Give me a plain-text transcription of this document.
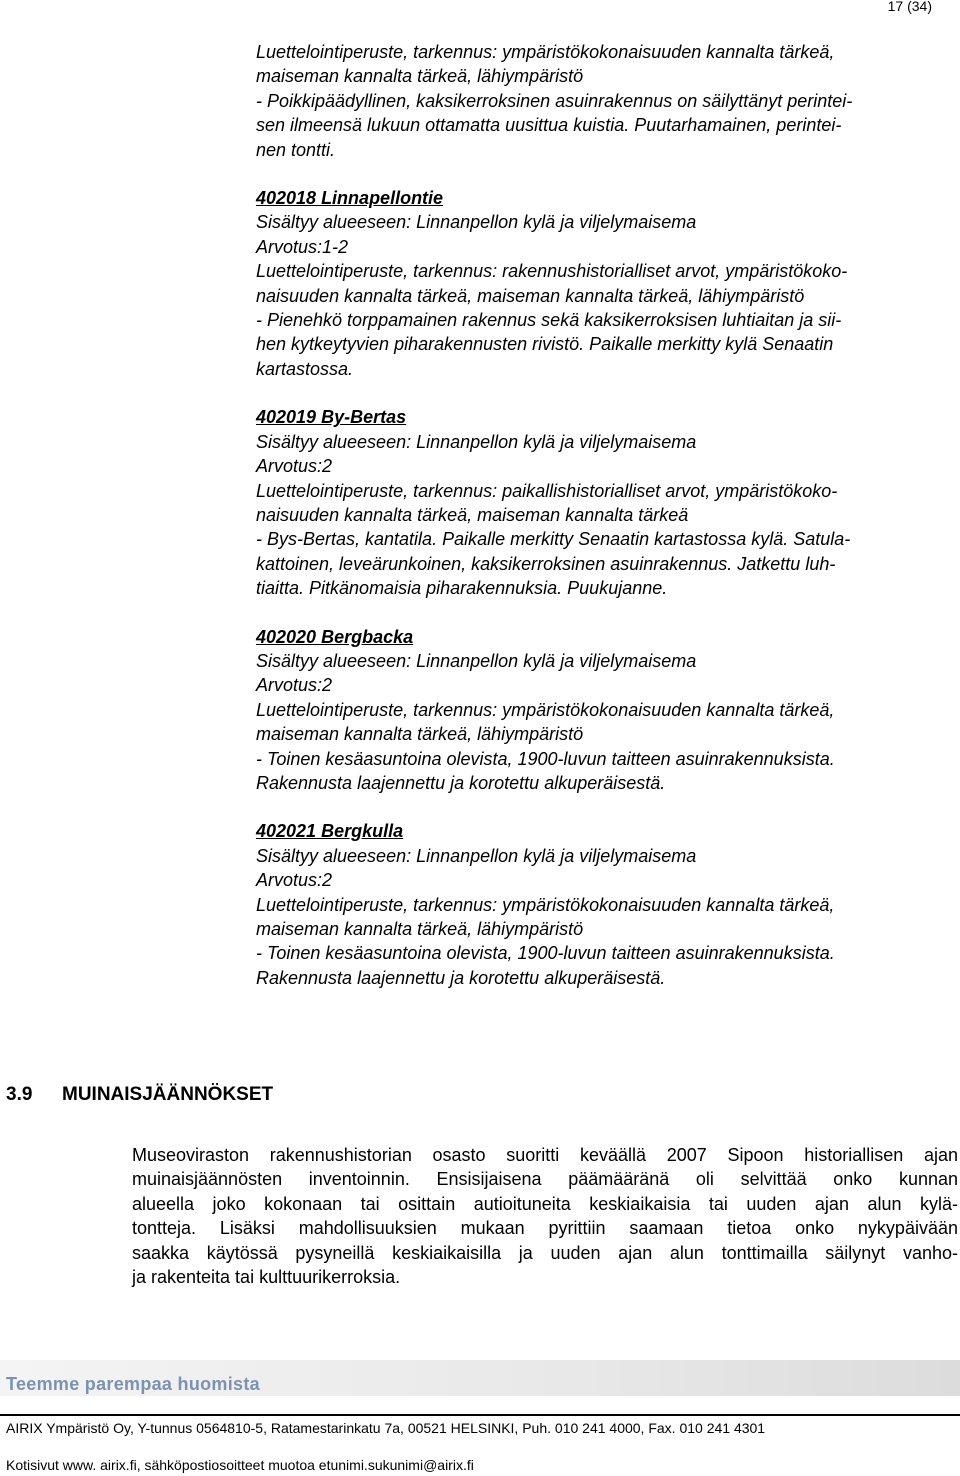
17 (34)
Luettelointiperuste, tarkennus: ympäristökokonaisuuden kannalta tärkeä,
maiseman kannalta tärkeä, lähiympäristö
- Poikkipäädyllinen, kaksikerroksinen asuinrakennus on säilyttänyt perintei-
sen ilmeensä lukuun ottamatta uusittua kuistia. Puutarhamainen, perintei-
nen tontti.
402018 Linnapellontie
Sisältyy alueeseen: Linnanpellon kylä ja viljelymaisema
Arvotus:1-2
Luettelointiperuste, tarkennus: rakennushistorialliset arvot, ympäristökoko-
naisuuden kannalta tärkeä, maiseman kannalta tärkeä, lähiympäristö
- Pienehkö torppamainen rakennus sekä kaksikerroksisen luhtiaitan ja sii-
hen kytkeytyvien piharakennusten rivistö. Paikalle merkitty kylä Senaatin
kartastossa.
402019 By-Bertas
Sisältyy alueeseen: Linnanpellon kylä ja viljelymaisema
Arvotus:2
Luettelointiperuste, tarkennus: paikallishistorialliset arvot, ympäristökoko-
naisuuden kannalta tärkeä, maiseman kannalta tärkeä
- Bys-Bertas, kantatila. Paikalle merkitty Senaatin kartastossa kylä. Satula-
kattoinen, leveärunkoinen, kaksikerroksinen asuinrakennus. Jatkettu luh-
tiaitta. Pitkänomaisia piharakennuksia. Puukujanne.
402020 Bergbacka
Sisältyy alueeseen: Linnanpellon kylä ja viljelymaisema
Arvotus:2
Luettelointiperuste, tarkennus: ympäristökokonaisuuden kannalta tärkeä,
maiseman kannalta tärkeä, lähiympäristö
- Toinen kesäasuntoina olevista, 1900-luvun taitteen asuinrakennuksista.
Rakennusta laajennettu ja korotettu alkuperäisestä.
402021 Bergkulla
Sisältyy alueeseen: Linnanpellon kylä ja viljelymaisema
Arvotus:2
Luettelointiperuste, tarkennus: ympäristökokonaisuuden kannalta tärkeä,
maiseman kannalta tärkeä, lähiympäristö
- Toinen kesäasuntoina olevista, 1900-luvun taitteen asuinrakennuksista.
Rakennusta laajennettu ja korotettu alkuperäisestä.
3.9 MUINAISJÄÄNNÖKSET
Museoviraston rakennushistorian osasto suoritti keväällä 2007 Sipoon historiallisen ajan
muinaisjäännösten inventoinnin. Ensisijaisena päämääränä oli selvittää onko kunnan
alueella joko kokonaan tai osittain autioituneita keskiaikaisia tai uuden ajan alun kylä-
tontteja. Lisäksi mahdollisuuksien mukaan pyrittiin saamaan tietoa onko nykypäivään
saakka käytössä pysyneillä keskiaikaisilla ja uuden ajan alun tonttimailla säilynyt vanho-
ja rakenteita tai kulttuurikerroksia.
Teemme parempaa huomista
AIRIX Ympäristö Oy, Y-tunnus 0564810-5, Ratamestarinkatu 7a, 00521 HELSINKI, Puh. 010 241 4000, Fax. 010 241 4301
Kotisivut www. airix.fi, sähköpostiosoitteet muotoa etunimi.sukunimi@airix.fi
